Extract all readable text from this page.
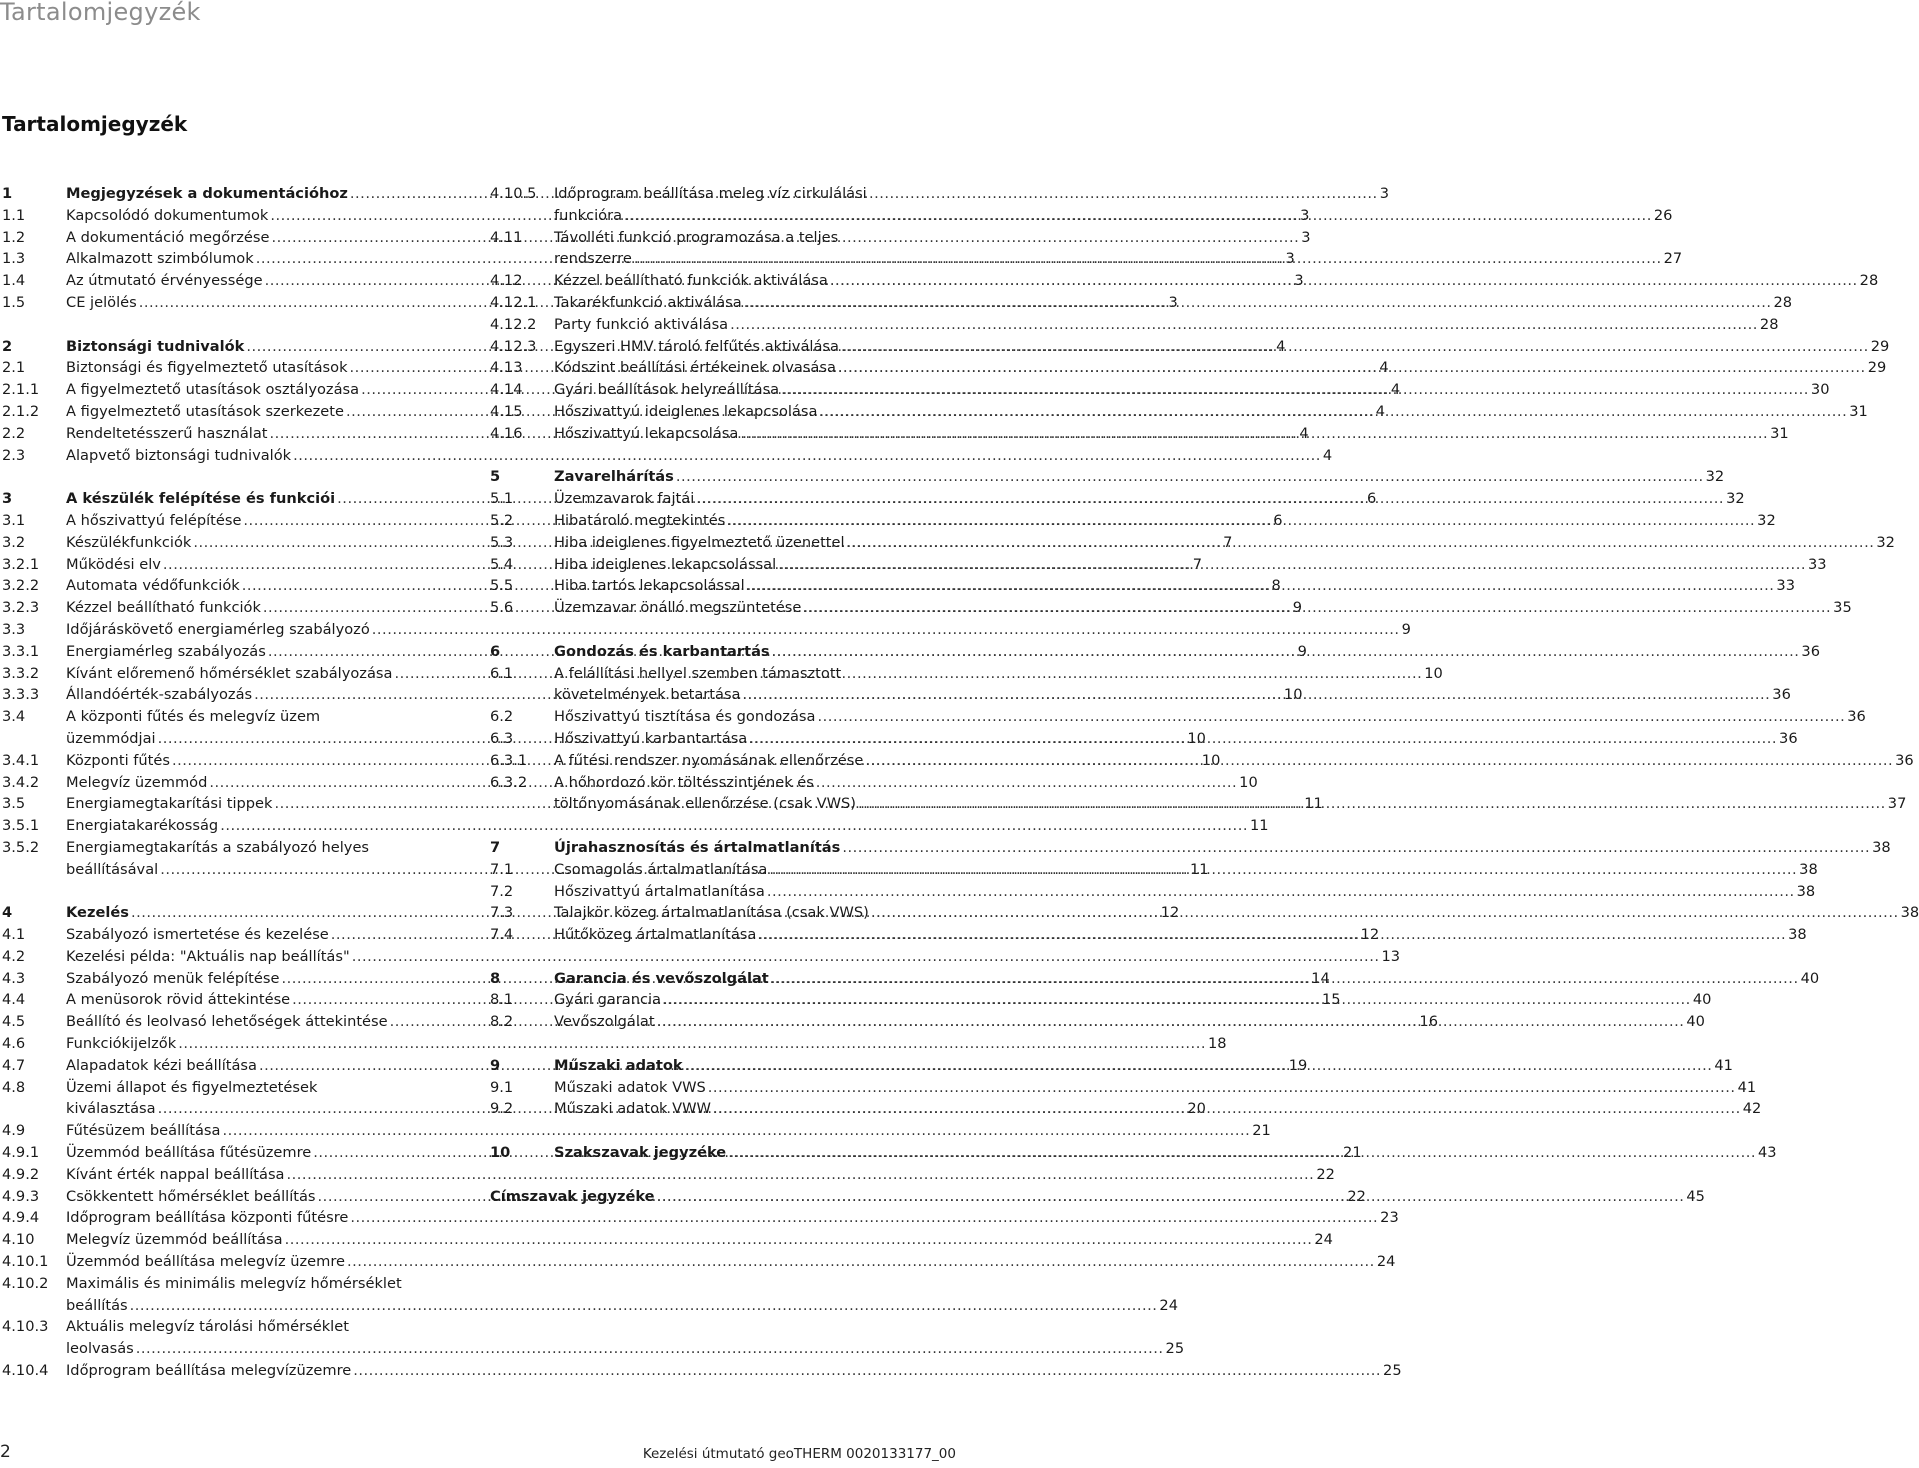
Tartalomjegyzék
Tartalomjegyzék
1	Megjegyzések a dokumentációhoz .....	3
1.1	Kapcsolódó dokumentumok .....	3
1.2	A dokumentáció megőrzése .....	3
1.3	Alkalmazott szimbólumok .....	3
1.4	Az útmutató érvényessége .....	3
1.5	CE jelölés .....	3
2	Biztonsági tudnivalók .....	4
2.1	Biztonsági és figyelmeztető utasítások .....	4
2.1.1	A figyelmeztető utasítások osztályozása .....	4
2.1.2	A figyelmeztető utasítások szerkezete .....	4
2.2	Rendeltetésszerű használat .....	4
2.3	Alapvető biztonsági tudnivalók .....	4
3	A készülék felépítése és funkciói .....	6
3.1	A hőszivattyú felépítése .....	6
3.2	Készülékfunkciók .....	7
3.2.1	Működési elv .....	7
3.2.2	Automata védőfunkciók .....	8
3.2.3	Kézzel beállítható funkciók .....	9
3.3	Időjáráskövető energiamérleg szabályozó .....	9
3.3.1	Energiamérleg szabályozás .....	9
3.3.2	Kívánt előremenő hőmérséklet szabályozása .....	10
3.3.3	Állandóérték-szabályozás .....	10
3.4	A központi fűtés és melegvíz üzem
üzemmódjai .....	10
3.4.1	Központi fűtés .....	10
3.4.2	Melegvíz üzemmód .....	10
3.5	Energiamegtakarítási tippek .....	11
3.5.1	Energiatakarékosság .....	11
3.5.2	Energiamegtakarítás a szabályozó helyes
beállításával .....	11
4	Kezelés .....	12
4.1	Szabályozó ismertetése és kezelése .....	12
4.2	Kezelési példa: "Aktuális nap beállítás" .....	13
4.3	Szabályozó menük felépítése .....	14
4.4	A menüsorok rövid áttekintése .....	15
4.5	Beállító és leolvasó lehetőségek áttekintése .....	16
4.6	Funkciókijelzők .....	18
4.7	Alapadatok kézi beállítása .....	19
4.8	Üzemi állapot és figyelmeztetések
kiválasztása .....	20
4.9	Fűtésüzem beállítása .....	21
4.9.1	Üzemmód beállítása fűtésüzemre .....	21
4.9.2	Kívánt érték nappal beállítása .....	22
4.9.3	Csökkentett hőmérséklet beállítás .....	22
4.9.4	Időprogram beállítása központi fűtésre .....	23
4.10	Melegvíz üzemmód beállítása .....	24
4.10.1	Üzemmód beállítása melegvíz üzemre .....	24
4.10.2	Maximális és minimális melegvíz hőmérséklet
beállítás .....	24
4.10.3	Aktuális melegvíz tárolási hőmérséklet
leolvasás .....	25
4.10.4	Időprogram beállítása melegvízüzemre .....	25
4.10.5	Időprogram beállítása meleg víz cirkulálási
funkcióra .....	26
4.11	Távolléti funkció programozása a teljes
rendszerre .....	27
4.12	Kézzel beállítható funkciók aktiválása .....	28
4.12.1	Takarékfunkció aktiválása .....	28
4.12.2	Party funkció aktiválása .....	28
4.12.3	Egyszeri HMV tároló felfűtés aktiválása .....	29
4.13	Kódszint beállítási értékeinek olvasása .....	29
4.14	Gyári beállítások helyreállítása .....	30
4.15	Hőszivattyú ideiglenes lekapcsolása .....	31
4.16	Hőszivattyú lekapcsolása .....	31
5	Zavarelhárítás .....	32
5.1	Üzemzavarok fajtái .....	32
5.2	Hibatároló megtekintés .....	32
5.3	Hiba ideiglenes figyelmeztető üzenettel .....	32
5.4	Hiba ideiglenes lekapcsolással .....	33
5.5	Hiba tartós lekapcsolással .....	33
5.6	Üzemzavar önálló megszüntetése .....	35
6	Gondozás és karbantartás .....	36
6.1	A felállítási hellyel szemben támasztott
követelmények betartása .....	36
6.2	Hőszivattyú tisztítása és gondozása .....	36
6.3	Hőszivattyú karbantartása .....	36
6.3.1	A fűtési rendszer nyomásának ellenőrzése .....	36
6.3.2	A hőhordozó kör töltésszintjének és
töltőnyomásának ellenőrzése (csak VWS) .....	37
7	Újrahasznosítás és ártalmatlanítás .....	38
7.1	Csomagolás ártalmatlanítása .....	38
7.2	Hőszivattyú ártalmatlanítása .....	38
7.3	Talajkör közeg ártalmatlanítása (csak VWS) .....	38
7.4	Hűtőközeg ártalmatlanítása .....	38
8	Garancia és vevőszolgálat .....	40
8.1	Gyári garancia .....	40
8.2	Vevőszolgálat .....	40
9	Műszaki adatok .....	41
9.1	Műszaki adatok VWS .....	41
9.2	Műszaki adatok VWW .....	42
10	Szakszavak jegyzéke .....	43
Címszavak jegyzéke .....	45
2	Kezelési útmutató geoTHERM 0020133177_00
